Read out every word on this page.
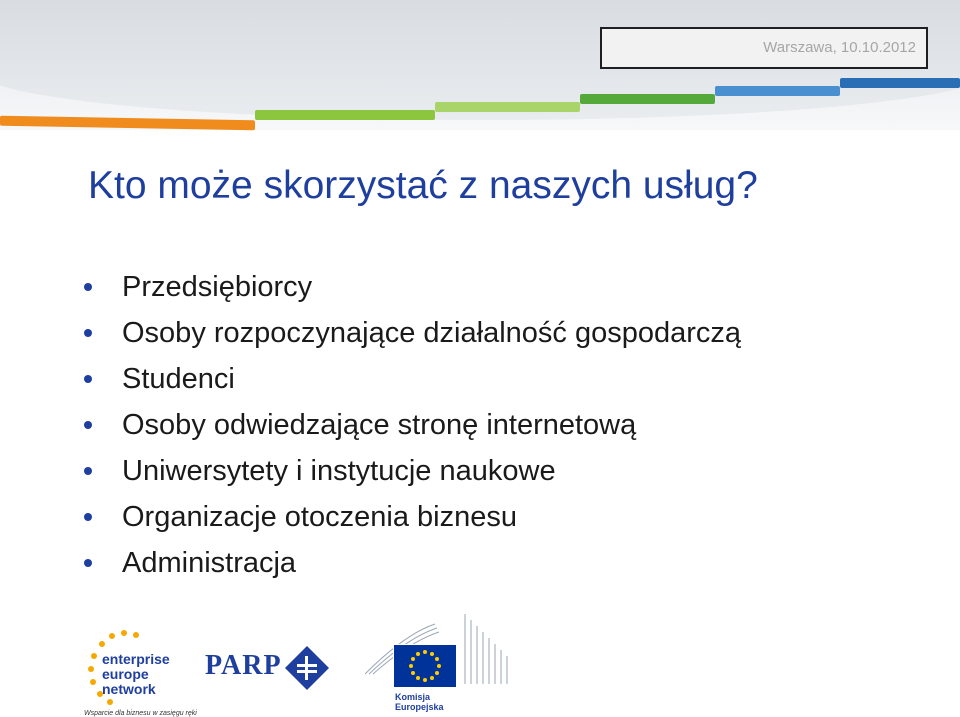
Warszawa, 10.10.2012
Kto może skorzystać z naszych usług?
Przedsiębiorcy
Osoby rozpoczynające działalność gospodarczą
Studenci
Osoby odwiedzające stronę internetową
Uniwersytety i instytucje naukowe
Organizacje otoczenia biznesu
Administracja
enterprise
europe
network
Wsparcie dla biznesu w zasięgu ręki
PARP
Komisja
Europejska
